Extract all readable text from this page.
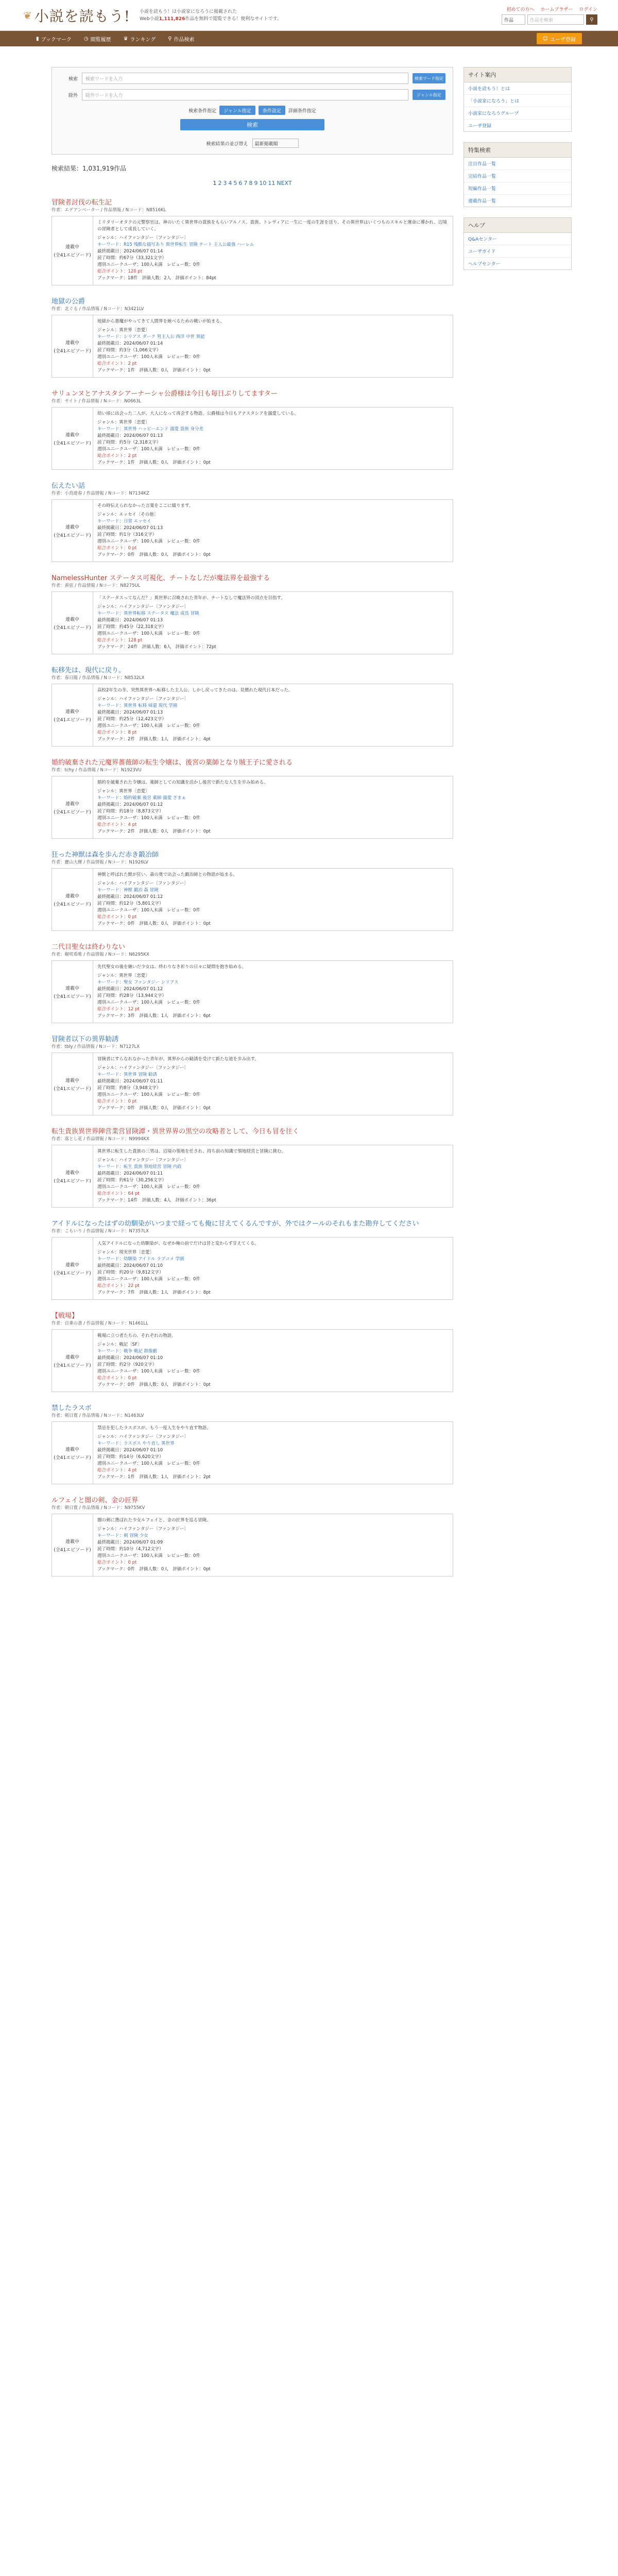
❦ 小説を読もう! 小説を読もう！は小説家になろうに掲載された
Web小説1,111,826作品を無料で閲覧できる！便利なサイトです。
初めての方へ ホームプラザー ログイン
作品	作品を検索	⚲
▮ ブックマーク ◷ 閲覧履歴 ♛ ランキング ⚲ 作品検索	☺ ユーザ登録
検索	検索ワードを入力	検索ワード指定
除外	除外ワードを入力	ジャンル指定
検索条件指定	ジャンル指定	条件設定	詳細条件指定
検索
検索結果の並び替え	最新掲載順
検索結果：1,031,919作品
1 2 3 4 5 6 7 8 9 10 11 NEXT
冒険者討伐の転生記
作者：エデアンベーター / 作品情報 / Nコード：N8516KL
連載中
(全41エピソード)
ミリタリーオタクの元警察官は、神のいたく異世界の貴族をもらいアルノス。貴族、トレヴィアに一生に一度の生涯を送り、その異世界はいくつものスキルと運命に導かれ、辺境の冒険者として成長していく。
ジャンル：ハイファンタジー〔ファンタジー〕
キーワード：R15 残酷な描写あり 異世界転生 冒険 チート 主人公最強 ハーレム
最終掲載日：2024/06/07 01:14
読了時間：約67分（33,321文字）
週別ユニークユーザ：100人未満　レビュー数：0件
総合ポイント：120 pt
ブックマーク：18件　評価人数：2人　評価ポイント：84pt
地獄の公爵
作者：北ぐる / 作品情報 / Nコード：N3421LV
連載中
(全41エピソード)
地獄から悪魔がやってきて人間界を統べるための戦いが始まる。
ジャンル：異世界〔恋愛〕
キーワード：シリアス ダーク 男主人公 西洋 中世 異能
最終掲載日：2024/06/07 01:14
読了時間：約3分（1,066文字）
週別ユニークユーザ：100人未満　レビュー数：0件
総合ポイント：2 pt
ブックマーク：1件　評価人数：0人　評価ポイント：0pt
サリュンヌとアナスタシアーナーシャ公爵様は今日も毎日ぶりしてますター
作者：サイト / 作品情報 / Nコード：N0663L
連載中
(全41エピソード)
幼い頃に出会った二人が、大人になって再会する物語。公爵様は今日もアナスタシアを溺愛している。
ジャンル：異世界〔恋愛〕
キーワード：異世界 ハッピーエンド 溺愛 貴族 身分差
最終掲載日：2024/06/07 01:13
読了時間：約5分（2,318文字）
週別ユニークユーザ：100人未満　レビュー数：0件
総合ポイント：2 pt
ブックマーク：1件　評価人数：0人　評価ポイント：0pt
伝えたい話
作者：小鳥遊春 / 作品情報 / Nコード：N7134KZ
連載中
(全41エピソード)
その時伝えられなかった言葉をここに綴ります。
ジャンル：エッセイ〔その他〕
キーワード：日常 エッセイ
最終掲載日：2024/06/07 01:13
読了時間：約1分（316文字）
週別ユニークユーザ：100人未満　レビュー数：0件
総合ポイント：0 pt
ブックマーク：0件　評価人数：0人　評価ポイント：0pt
NamelessHunter ステータス可視化、チートなしだが魔法界を最強する
作者：黄弦 / 作品情報 / Nコード：N8275UL
連載中
(全41エピソード)
「ステータスってなんだ？」異世界に召喚された青年が、チートなしで魔法界の頂点を目指す。
ジャンル：ハイファンタジー〔ファンタジー〕
キーワード：異世界転移 ステータス 魔法 成長 冒険
最終掲載日：2024/06/07 01:13
読了時間：約45分（22,318文字）
週別ユニークユーザ：100人未満　レビュー数：0件
総合ポイント：128 pt
ブックマーク：24件　評価人数：6人　評価ポイント：72pt
転移先は、現代に戻り。
作者：春日陽 / 作品情報 / Nコード：N8532LX
連載中
(全41エピソード)
高校2年生の冬、突然異世界へ転移した主人公。しかし戻ってきたのは、見慣れた現代日本だった。
ジャンル：ハイファンタジー〔ファンタジー〕
キーワード：異世界 転移 帰還 現代 学園
最終掲載日：2024/06/07 01:13
読了時間：約25分（12,423文字）
週別ユニークユーザ：100人未満　レビュー数：0件
総合ポイント：8 pt
ブックマーク：2件　評価人数：1人　評価ポイント：4pt
婚約破棄された元魔界薔薇師の転生令嬢は、後宮の薬師となり賊王子に愛される
作者：tchy / 作品情報 / Nコード：N1923VU
連載中
(全41エピソード)
婚約を破棄された令嬢は、薬師としての知識を活かし後宮で新たな人生を歩み始める。
ジャンル：異世界〔恋愛〕
キーワード：婚約破棄 後宮 薬師 溺愛 ざまぁ
最終掲載日：2024/06/07 01:12
読了時間：約18分（8,873文字）
週別ユニークユーザ：100人未満　レビュー数：0件
総合ポイント：4 pt
ブックマーク：2件　評価人数：0人　評価ポイント：0pt
狂った神獣は森を歩んだ赤き鍛冶師
作者：麗山大輝 / 作品情報 / Nコード：N1926LV
連載中
(全41エピソード)
神獣と呼ばれた獣が狂い、森の奥で出会った鍛冶師との物語が始まる。
ジャンル：ハイファンタジー〔ファンタジー〕
キーワード：神獣 鍛冶 森 冒険
最終掲載日：2024/06/07 01:12
読了時間：約12分（5,801文字）
週別ユニークユーザ：100人未満　レビュー数：0件
総合ポイント：0 pt
ブックマーク：0件　評価人数：0人　評価ポイント：0pt
二代目聖女は終わりない
作者：樹咲希唯 / 作品情報 / Nコード：N6295KX
連載中
(全41エピソード)
先代聖女の後を継いだ少女は、終わりなき祈りの日々に疑問を抱き始める。
ジャンル：異世界〔恋愛〕
キーワード：聖女 ファンタジー シリアス
最終掲載日：2024/06/07 01:12
読了時間：約28分（13,944文字）
週別ユニークユーザ：100人未満　レビュー数：0件
総合ポイント：12 pt
ブックマーク：3件　評価人数：1人　評価ポイント：6pt
冒険者以下の異界勧誘
作者：tbly / 作品情報 / Nコード：N7127LX
連載中
(全41エピソード)
冒険者にすらなれなかった青年が、異界からの勧誘を受けて新たな道を歩み出す。
ジャンル：ハイファンタジー〔ファンタジー〕
キーワード：異世界 冒険 勧誘
最終掲載日：2024/06/07 01:11
読了時間：約8分（3,948文字）
週別ユニークユーザ：100人未満　レビュー数：0件
総合ポイント：0 pt
ブックマーク：0件　評価人数：0人　評価ポイント：0pt
転生貴族異世界陣営業営冒険譚・異世界界の黒空の攻略者として、今日も冒を往く
作者：落とし花 / 作品情報 / Nコード：N9994KX
連載中
(全41エピソード)
異世界に転生した貴族の三男は、辺境の領地を任され、持ち前の知識で領地経営と冒険に挑む。
ジャンル：ハイファンタジー〔ファンタジー〕
キーワード：転生 貴族 領地経営 冒険 内政
最終掲載日：2024/06/07 01:11
読了時間：約61分（30,256文字）
週別ユニークユーザ：100人未満　レビュー数：0件
総合ポイント：64 pt
ブックマーク：14件　評価人数：4人　評価ポイント：36pt
アイドルになったはずの幼馴染がいつまで経っても俺に甘えてくるんですが、外ではクールのそれもまた勘弁してください
作者：こもいり / 作品情報 / Nコード：N7357LX
連載中
(全41エピソード)
人気アイドルになった幼馴染が、なぜか俺の前でだけは昔と変わらず甘えてくる。
ジャンル：現実世界〔恋愛〕
キーワード：幼馴染 アイドル ラブコメ 学園
最終掲載日：2024/06/07 01:10
読了時間：約20分（9,812文字）
週別ユニークユーザ：100人未満　レビュー数：0件
総合ポイント：22 pt
ブックマーク：7件　評価人数：1人　評価ポイント：8pt
【戦場】
作者：百乗の書 / 作品情報 / Nコード：N1461LL
連載中
(全41エピソード)
戦場に立つ者たちの、それぞれの物語。
ジャンル：戦記〔SF〕
キーワード：戦争 戦記 群像劇
最終掲載日：2024/06/07 01:10
読了時間：約2分（920文字）
週別ユニークユーザ：100人未満　レビュー数：0件
総合ポイント：0 pt
ブックマーク：0件　評価人数：0人　評価ポイント：0pt
禁したラスボ
作者：朝日寛 / 作品情報 / Nコード：N1463LV
連載中
(全41エピソード)
禁忌を犯したラスボスが、もう一度人生をやり直す物語。
ジャンル：ハイファンタジー〔ファンタジー〕
キーワード：ラスボス やり直し 異世界
最終掲載日：2024/06/07 01:10
読了時間：約14分（6,620文字）
週別ユニークユーザ：100人未満　レビュー数：0件
総合ポイント：4 pt
ブックマーク：1件　評価人数：1人　評価ポイント：2pt
ルフェイと闇の剣、金の匠界
作者：朝日寛 / 作品情報 / Nコード：N9755KV
連載中
(全41エピソード)
闇の剣に選ばれた少女ルフェイと、金の匠界を巡る冒険。
ジャンル：ハイファンタジー〔ファンタジー〕
キーワード：剣 冒険 少女
最終掲載日：2024/06/07 01:09
読了時間：約10分（4,712文字）
週別ユニークユーザ：100人未満　レビュー数：0件
総合ポイント：0 pt
ブックマーク：0件　評価人数：0人　評価ポイント：0pt
サイト案内
小説を読もう！とは
「小説家になろう」とは
小説家になろうグループ
ユーザ登録
特集検索
注目作品一覧
完結作品一覧
短編作品一覧
連載作品一覧
ヘルプ
Q&Aセンター
ユーザガイド
ヘルプセンター
